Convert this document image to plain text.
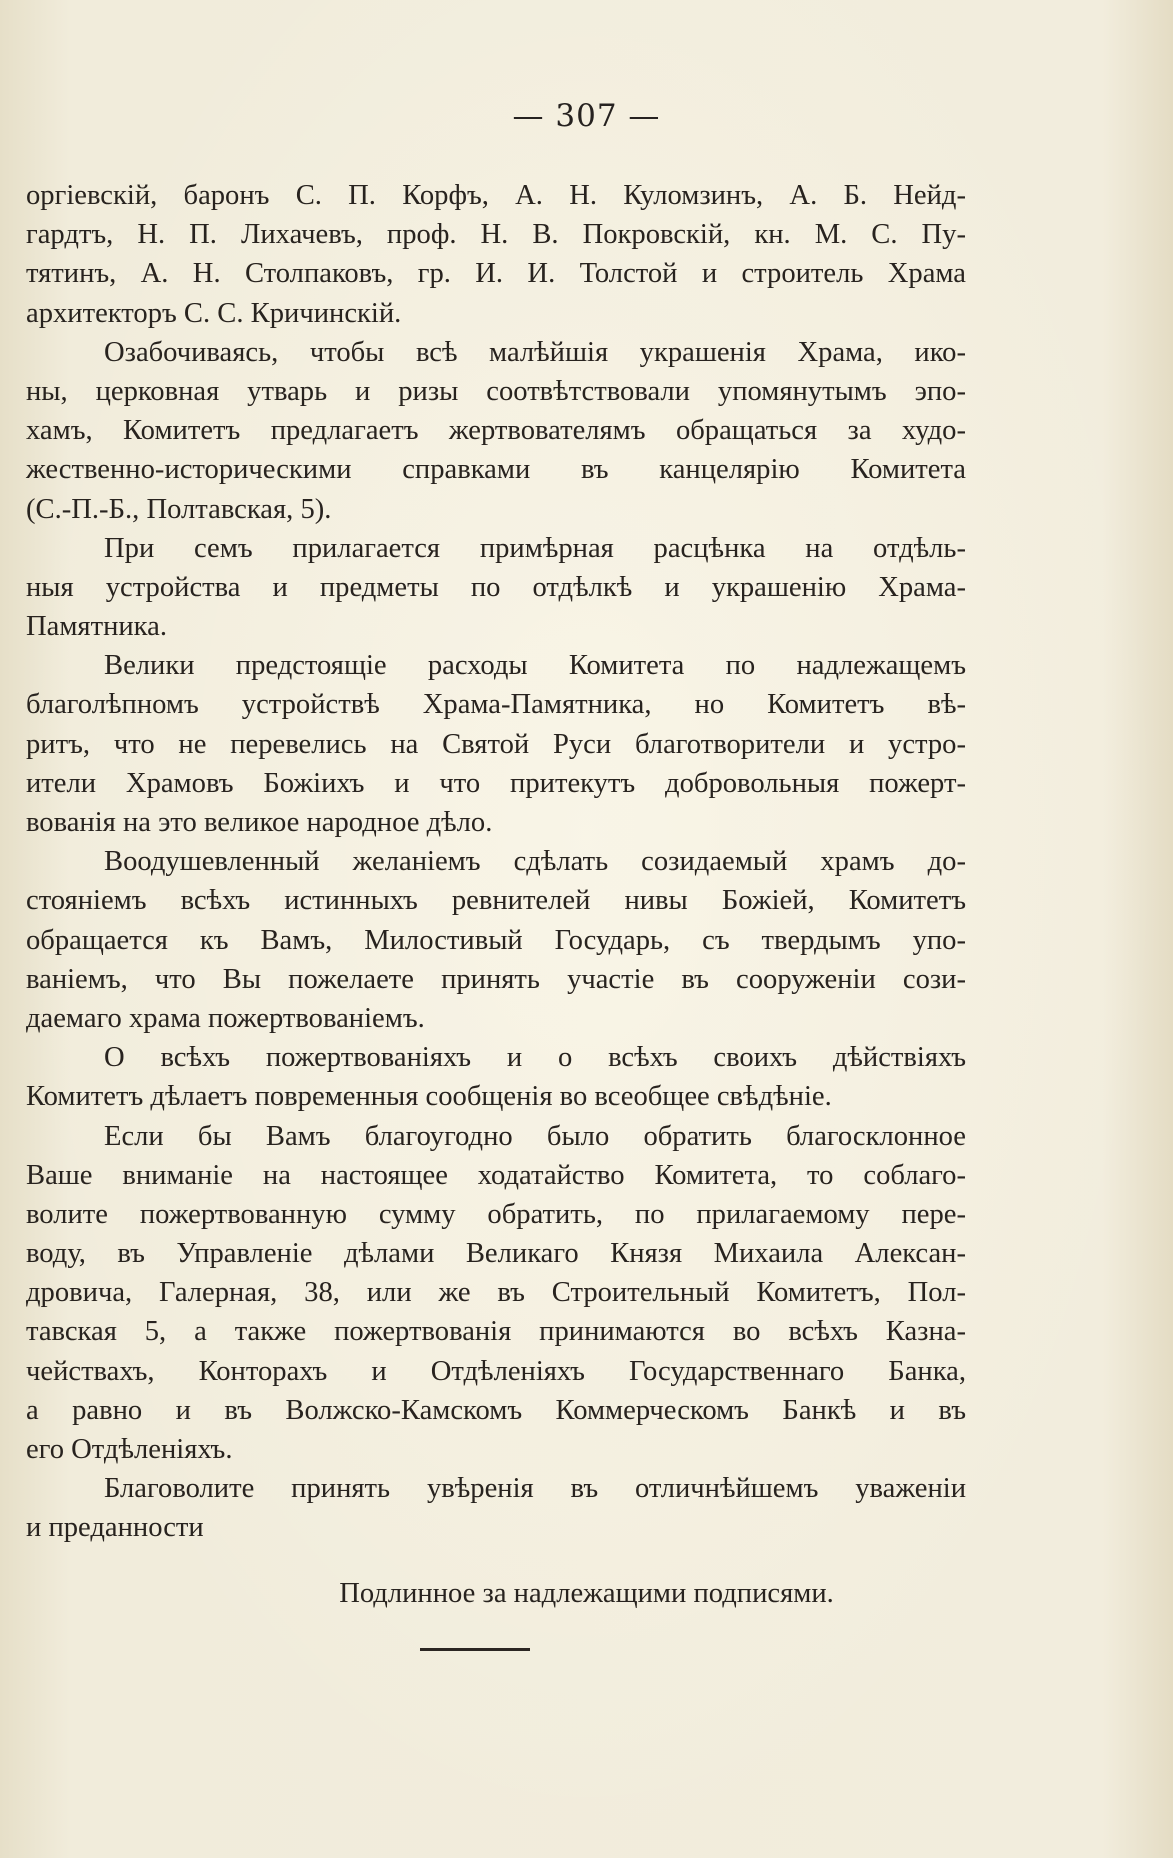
— 307 —
оргіевскій, баронъ С. П. Корфъ, А. Н. Куломзинъ, А. Б. Нейд-
гардтъ, Н. П. Лихачевъ, проф. Н. В. Покровскій, кн. М. С. Пу-
тятинъ, А. Н. Столпаковъ, гр. И. И. Толстой и строитель Храма
архитекторъ С. С. Кричинскій.
Озабочиваясь, чтобы всѣ малѣйшія украшенія Храма, ико-
ны, церковная утварь и ризы соотвѣтствовали упомянутымъ эпо-
хамъ, Комитетъ предлагаетъ жертвователямъ обращаться за худо-
жественно-историческими справками въ канцелярію Комитета
(С.-П.-Б., Полтавская, 5).
При семъ прилагается примѣрная расцѣнка на отдѣль-
ныя устройства и предметы по отдѣлкѣ и украшенію Храма-
Памятника.
Велики предстоящіе расходы Комитета по надлежащемъ
благолѣпномъ устройствѣ Храма-Памятника, но Комитетъ вѣ-
ритъ, что не перевелись на Святой Руси благотворители и устро-
ители Храмовъ Божіихъ и что притекутъ добровольныя пожерт-
вованія на это великое народное дѣло.
Воодушевленный желаніемъ сдѣлать созидаемый храмъ до-
стояніемъ всѣхъ истинныхъ ревнителей нивы Божіей, Комитетъ
обращается къ Вамъ, Милостивый Государь, съ твердымъ упо-
ваніемъ, что Вы пожелаете принять участіе въ сооруженіи сози-
даемаго храма пожертвованіемъ.
О всѣхъ пожертвованіяхъ и о всѣхъ своихъ дѣйствіяхъ
Комитетъ дѣлаетъ повременныя сообщенія во всеобщее свѣдѣніе.
Если бы Вамъ благоугодно было обратить благосклонное
Ваше вниманіе на настоящее ходатайство Комитета, то соблаго-
волите пожертвованную сумму обратить, по прилагаемому пере-
воду, въ Управленіе дѣлами Великаго Князя Михаила Алексан-
дровича, Галерная, 38, или же въ Строительный Комитетъ, Пол-
тавская 5, а также пожертвованія принимаются во всѣхъ Казна-
чействахъ, Конторахъ и Отдѣленіяхъ Государственнаго Банка,
а равно и въ Волжско-Камскомъ Коммерческомъ Банкѣ и въ
его Отдѣленіяхъ.
Благоволите принять увѣренія въ отличнѣйшемъ уваженіи
и преданности
Подлинное за надлежащими подписями.
